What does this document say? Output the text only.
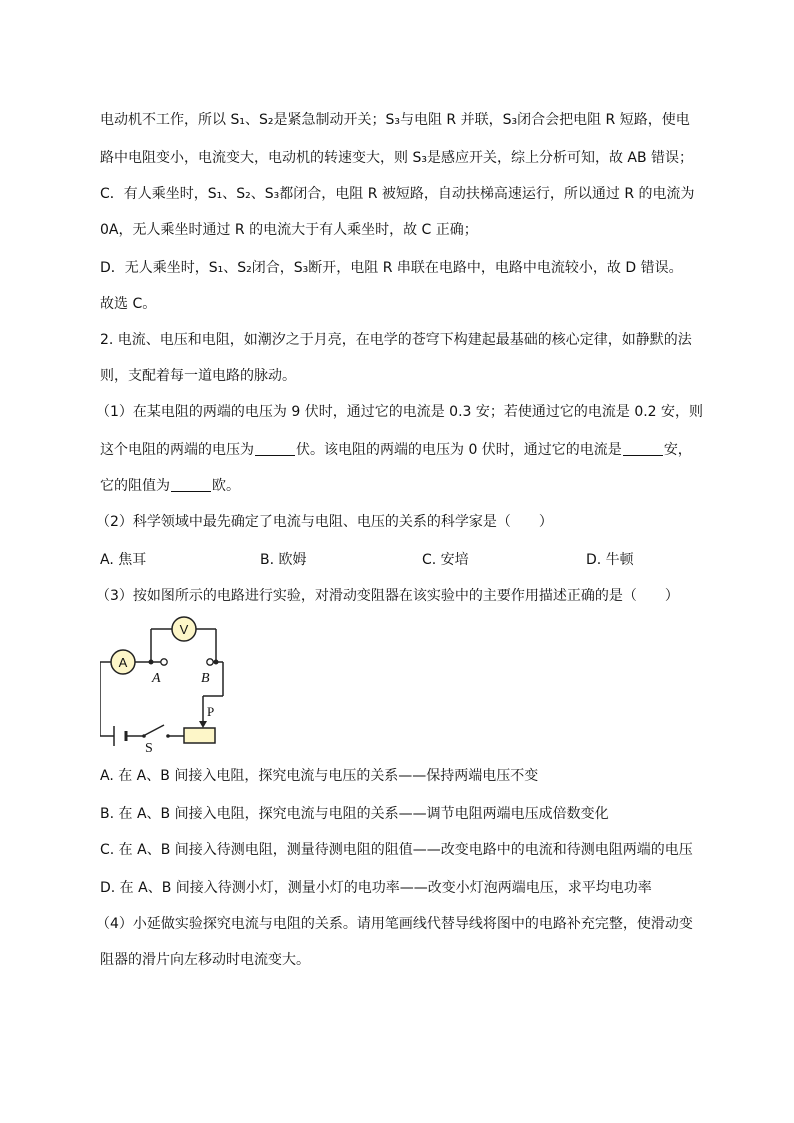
电动机不工作，所以 S₁、S₂是紧急制动开关；S₃与电阻 R 并联，S₃闭合会把电阻 R 短路，使电
路中电阻变小，电流变大，电动机的转速变大，则 S₃是感应开关，综上分析可知，故 AB 错误；
C．有人乘坐时，S₁、S₂、S₃都闭合，电阻 R 被短路，自动扶梯高速运行，所以通过 R 的电流为
0A，无人乘坐时通过 R 的电流大于有人乘坐时，故 C 正确；
D．无人乘坐时，S₁、S₂闭合，S₃断开，电阻 R 串联在电路中，电路中电流较小，故 D 错误。
故选 C。
2. 电流、电压和电阻，如潮汐之于月亮，在电学的苍穹下构建起最基础的核心定律，如静默的法
则，支配着每一道电路的脉动。
（1）在某电阻的两端的电压为 9 伏时，通过它的电流是 0.3 安；若使通过它的电流是 0.2 安，则
这个电阻的两端的电压为	伏。该电阻的两端的电压为 0 伏时，通过它的电流是	安，
它的阻值为	欧。
（2）科学领域中最先确定了电流与电阻、电压的关系的科学家是（　　）
A. 焦耳	B. 欧姆	C. 安培	D. 牛顿
（3）按如图所示的电路进行实验，对滑动变阻器在该实验中的主要作用描述正确的是（　　）
A. 在 A、B 间接入电阻，探究电流与电压的关系——保持两端电压不变
B. 在 A、B 间接入电阻，探究电流与电阻的关系——调节电阻两端电压成倍数变化
C. 在 A、B 间接入待测电阻，测量待测电阻的阻值——改变电路中的电流和待测电阻两端的电压
D. 在 A、B 间接入待测小灯，测量小灯的电功率——改变小灯泡两端电压，求平均电功率
（4）小延做实验探究电流与电阻的关系。请用笔画线代替导线将图中的电路补充完整，使滑动变
阻器的滑片向左移动时电流变大。
A
V
A	B
S
P
